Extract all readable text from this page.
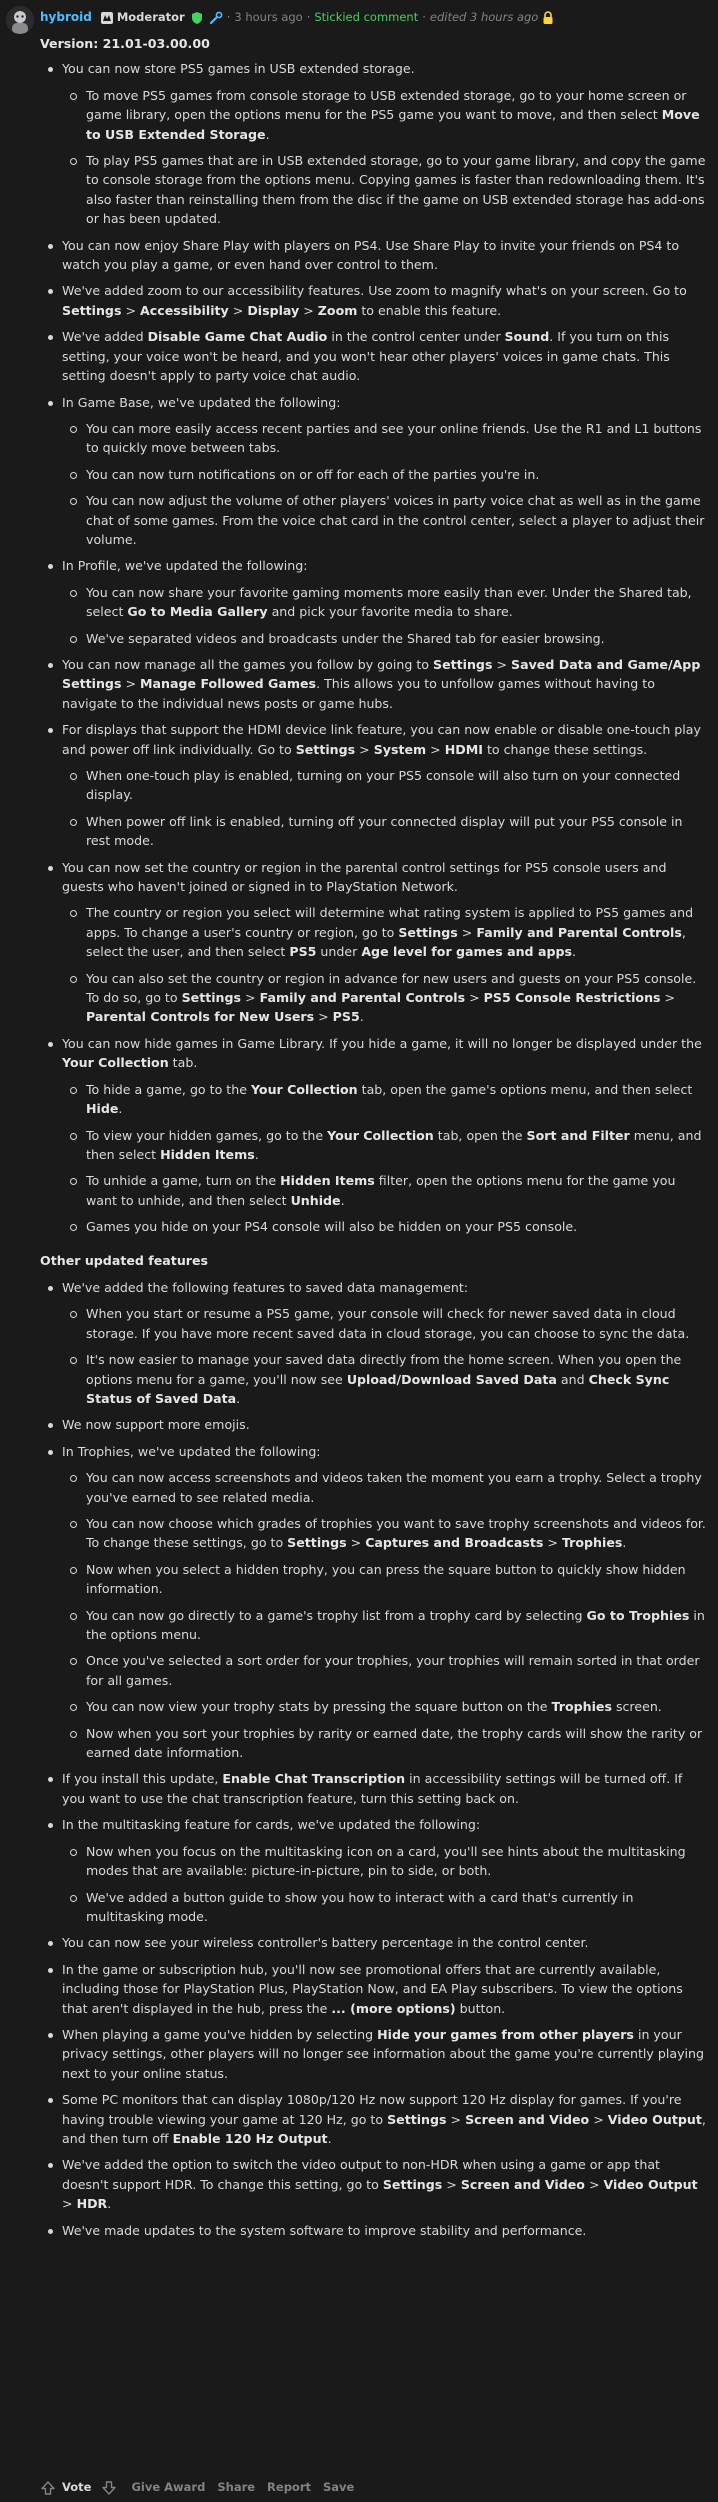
hybroid Moderator	· 3 hours ago · Stickied comment · edited 3 hours ago
Version: 21.01-03.00.00
You can now store PS5 games in USB extended storage.
To move PS5 games from console storage to USB extended storage, go to your home screen or game library, open the options menu for the PS5 game you want to move, and then select Move to USB Extended Storage.
To play PS5 games that are in USB extended storage, go to your game library, and copy the game to console storage from the options menu. Copying games is faster than redownloading them. It's also faster than reinstalling them from the disc if the game on USB extended storage has add-ons or has been updated.
You can now enjoy Share Play with players on PS4. Use Share Play to invite your friends on PS4 to watch you play a game, or even hand over control to them.
We've added zoom to our accessibility features. Use zoom to magnify what's on your screen. Go to Settings > Accessibility > Display > Zoom to enable this feature.
We've added Disable Game Chat Audio in the control center under Sound. If you turn on this setting, your voice won't be heard, and you won't hear other players' voices in game chats. This setting doesn't apply to party voice chat audio.
In Game Base, we've updated the following:
You can more easily access recent parties and see your online friends. Use the R1 and L1 buttons to quickly move between tabs.
You can now turn notifications on or off for each of the parties you're in.
You can now adjust the volume of other players' voices in party voice chat as well as in the game chat of some games. From the voice chat card in the control center, select a player to adjust their volume.
In Profile, we've updated the following:
You can now share your favorite gaming moments more easily than ever. Under the Shared tab, select Go to Media Gallery and pick your favorite media to share.
We've separated videos and broadcasts under the Shared tab for easier browsing.
You can now manage all the games you follow by going to Settings > Saved Data and Game/App Settings > Manage Followed Games. This allows you to unfollow games without having to navigate to the individual news posts or game hubs.
For displays that support the HDMI device link feature, you can now enable or disable one-touch play and power off link individually. Go to Settings > System > HDMI to change these settings.
When one-touch play is enabled, turning on your PS5 console will also turn on your connected display.
When power off link is enabled, turning off your connected display will put your PS5 console in rest mode.
You can now set the country or region in the parental control settings for PS5 console users and guests who haven't joined or signed in to PlayStation Network.
The country or region you select will determine what rating system is applied to PS5 games and apps. To change a user's country or region, go to Settings > Family and Parental Controls, select the user, and then select PS5 under Age level for games and apps.
You can also set the country or region in advance for new users and guests on your PS5 console. To do so, go to Settings > Family and Parental Controls > PS5 Console Restrictions > Parental Controls for New Users > PS5.
You can now hide games in Game Library. If you hide a game, it will no longer be displayed under the Your Collection tab.
To hide a game, go to the Your Collection tab, open the game's options menu, and then select Hide.
To view your hidden games, go to the Your Collection tab, open the Sort and Filter menu, and then select Hidden Items.
To unhide a game, turn on the Hidden Items filter, open the options menu for the game you want to unhide, and then select Unhide.
Games you hide on your PS4 console will also be hidden on your PS5 console.
Other updated features
We've added the following features to saved data management:
When you start or resume a PS5 game, your console will check for newer saved data in cloud storage. If you have more recent saved data in cloud storage, you can choose to sync the data.
It's now easier to manage your saved data directly from the home screen. When you open the options menu for a game, you'll now see Upload/Download Saved Data and Check Sync Status of Saved Data.
We now support more emojis.
In Trophies, we've updated the following:
You can now access screenshots and videos taken the moment you earn a trophy. Select a trophy you've earned to see related media.
You can now choose which grades of trophies you want to save trophy screenshots and videos for. To change these settings, go to Settings > Captures and Broadcasts > Trophies.
Now when you select a hidden trophy, you can press the square button to quickly show hidden information.
You can now go directly to a game's trophy list from a trophy card by selecting Go to Trophies in the options menu.
Once you've selected a sort order for your trophies, your trophies will remain sorted in that order for all games.
You can now view your trophy stats by pressing the square button on the Trophies screen.
Now when you sort your trophies by rarity or earned date, the trophy cards will show the rarity or earned date information.
If you install this update, Enable Chat Transcription in accessibility settings will be turned off. If you want to use the chat transcription feature, turn this setting back on.
In the multitasking feature for cards, we've updated the following:
Now when you focus on the multitasking icon on a card, you'll see hints about the multitasking modes that are available: picture-in-picture, pin to side, or both.
We've added a button guide to show you how to interact with a card that's currently in multitasking mode.
You can now see your wireless controller's battery percentage in the control center.
In the game or subscription hub, you'll now see promotional offers that are currently available, including those for PlayStation Plus, PlayStation Now, and EA Play subscribers. To view the options that aren't displayed in the hub, press the ... (more options) button.
When playing a game you've hidden by selecting Hide your games from other players in your privacy settings, other players will no longer see information about the game you're currently playing next to your online status.
Some PC monitors that can display 1080p/120 Hz now support 120 Hz display for games. If you're having trouble viewing your game at 120 Hz, go to Settings > Screen and Video > Video Output, and then turn off Enable 120 Hz Output.
We've added the option to switch the video output to non-HDR when using a game or app that doesn't support HDR. To change this setting, go to Settings > Screen and Video > Video Output > HDR.
We've made updates to the system software to improve stability and performance.
Vote	Give Award Share Report Save
